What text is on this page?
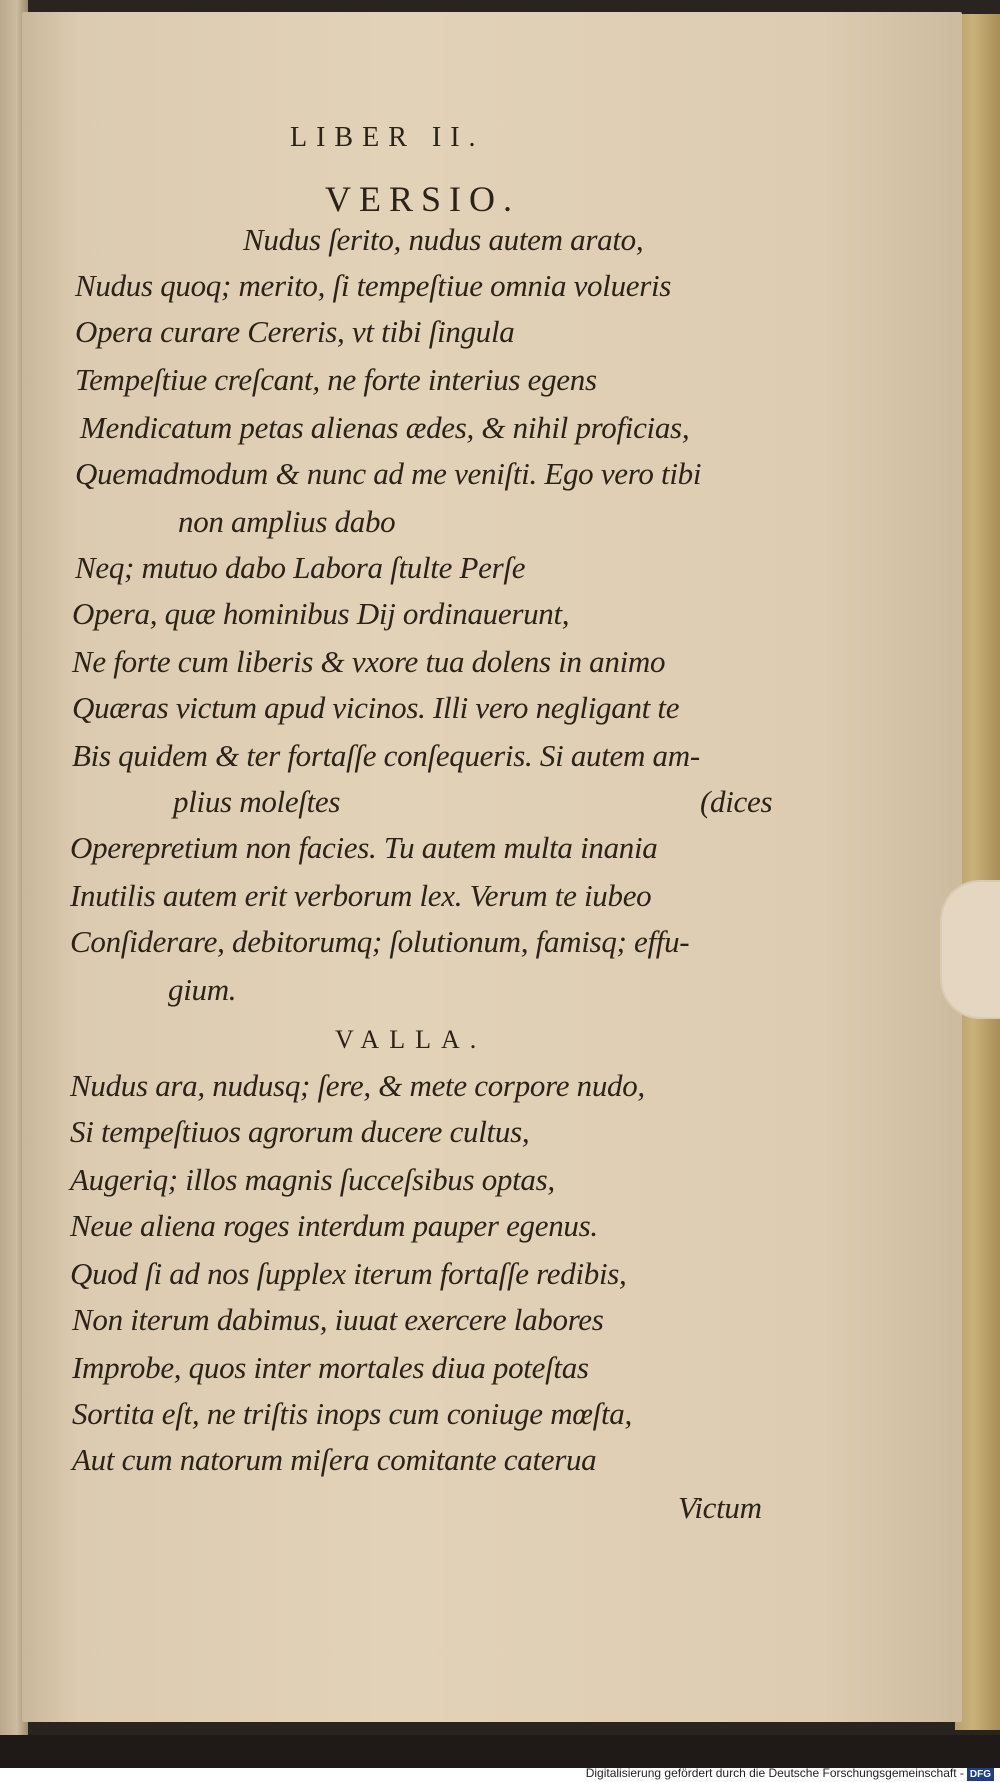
LIBER II.
VERSIO.
Nudus ſerito, nudus autem arato,
Nudus quoq; merito, ſi tempeſtiue omnia volueris
Opera curare Cereris, vt tibi ſingula
Tempeſtiue creſcant, ne forte interius egens
Mendicatum petas alienas ædes, & nihil proficias,
Quemadmodum & nunc ad me veniſti. Ego vero tibi
non amplius dabo
Neq; mutuo dabo Labora ſtulte Perſe
Opera, quæ hominibus Dij ordinauerunt,
Ne forte cum liberis & vxore tua dolens in animo
Quæras victum apud vicinos. Illi vero negligant te
Bis quidem & ter fortaſſe conſequeris. Si autem am-
plius moleſtes	(dices
Operepretium non facies. Tu autem multa inania
Inutilis autem erit verborum lex. Verum te iubeo
Conſiderare, debitorumq; ſolutionum, famisq; effu-
gium.
VALLA.
Nudus ara, nudusq; ſere, & mete corpore nudo,
Si tempeſtiuos agrorum ducere cultus,
Augeriq; illos magnis ſucceſsibus optas,
Neue aliena roges interdum pauper egenus.
Quod ſi ad nos ſupplex iterum fortaſſe redibis,
Non iterum dabimus, iuuat exercere labores
Improbe, quos inter mortales diua poteſtas
Sortita eſt, ne triſtis inops cum coniuge mœſta,
Aut cum natorum miſera comitante caterua
Victum
Digitalisierung gefördert durch die Deutsche Forschungsgemeinschaft - DFG
